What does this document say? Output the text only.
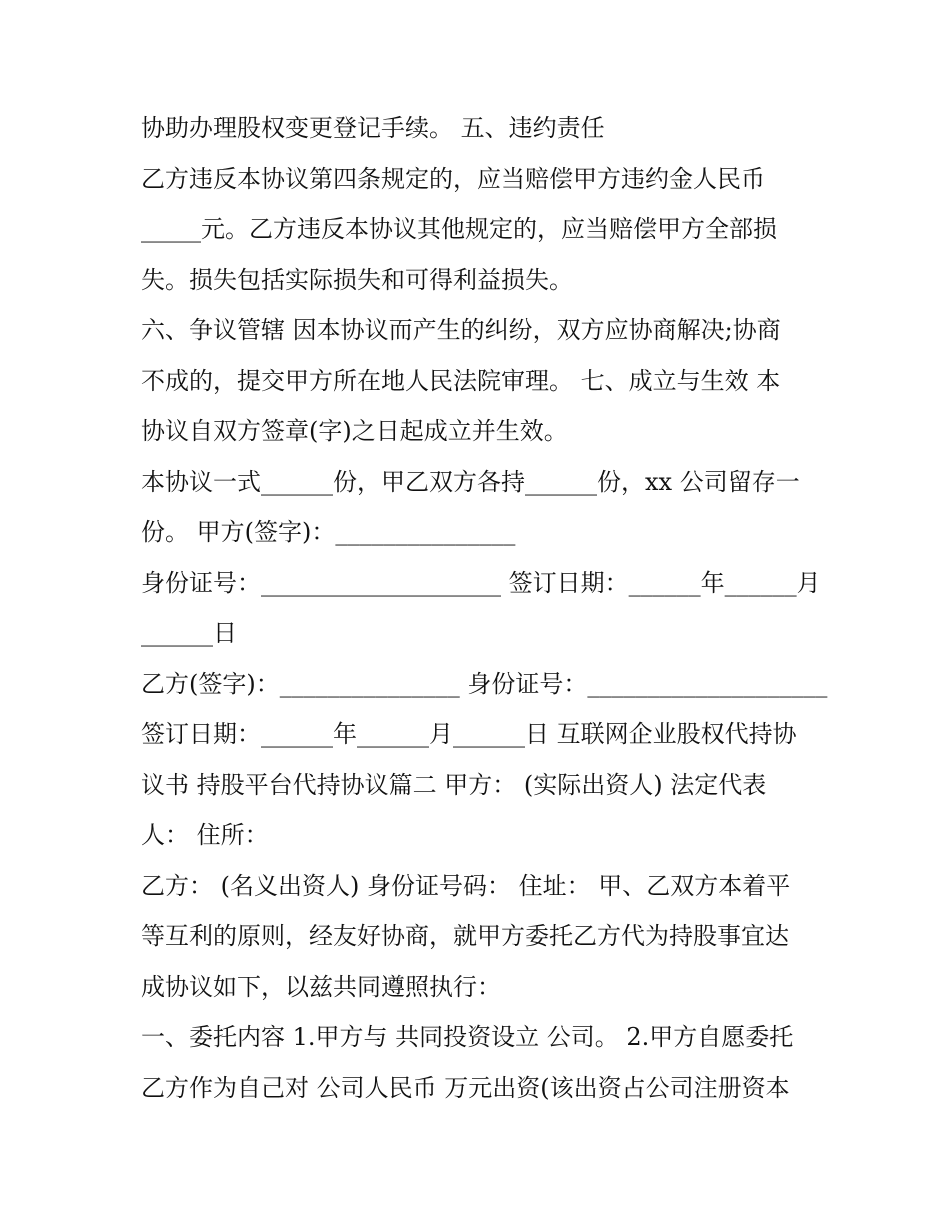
协助办理股权变更登记手续。 五、违约责任
乙方违反本协议第四条规定的，应当赔偿甲方违约金人民币
_____元。乙方违反本协议其他规定的，应当赔偿甲方全部损
失。损失包括实际损失和可得利益损失。
六、争议管辖 因本协议而产生的纠纷，双方应协商解决;协商
不成的，提交甲方所在地人民法院审理。 七、成立与生效 本
协议自双方签章(字)之日起成立并生效。
本协议一式______份，甲乙双方各持______份，xx 公司留存一
份。 甲方(签字)：_______________
身份证号：____________________ 签订日期：______年______月
______日
乙方(签字)：_______________ 身份证号：____________________
签订日期：______年______月______日 互联网企业股权代持协
议书 持股平台代持协议篇二 甲方： (实际出资人) 法定代表
人： 住所：
乙方： (名义出资人) 身份证号码： 住址： 甲、乙双方本着平
等互利的原则，经友好协商，就甲方委托乙方代为持股事宜达
成协议如下，以兹共同遵照执行：
一、委托内容 1.甲方与 共同投资设立 公司。 2.甲方自愿委托
乙方作为自己对 公司人民币 万元出资(该出资占公司注册资本
